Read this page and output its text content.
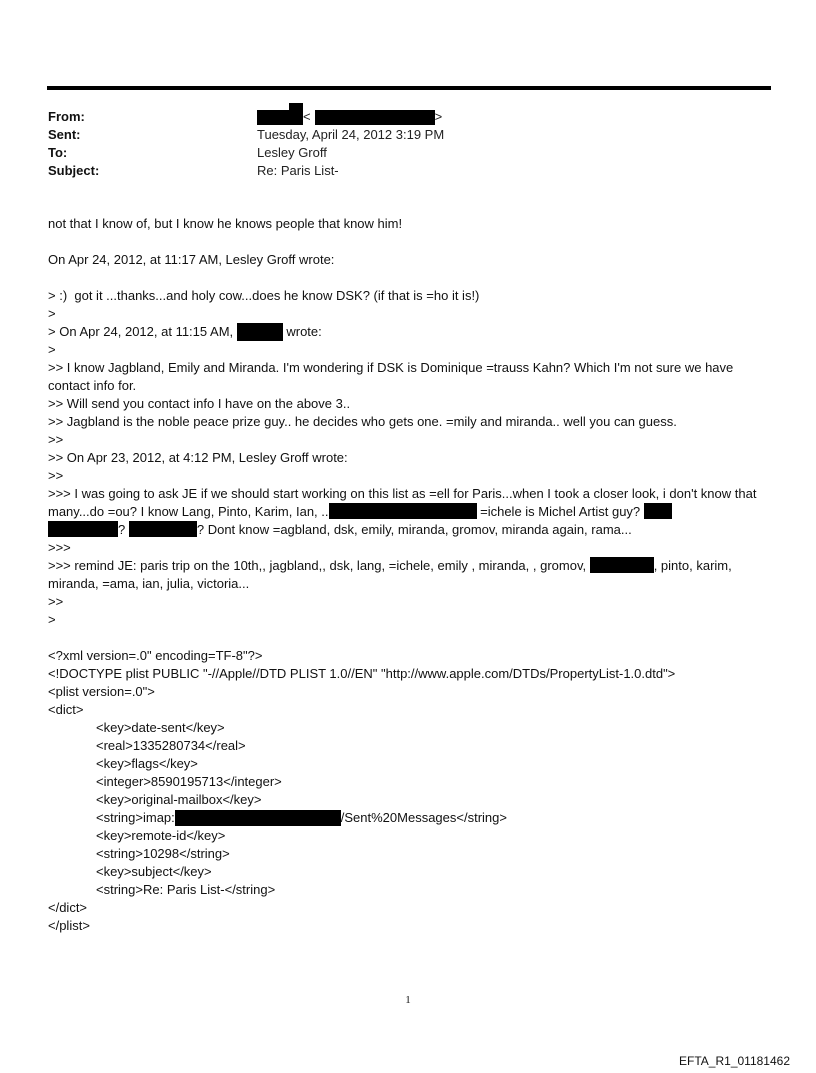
From:	<	>
Sent:	Tuesday, April 24, 2012 3:19 PM
To:	Lesley Groff
Subject:	Re: Paris List-
not that I know of, but I know he knows people that know him!
On Apr 24, 2012, at 11:17 AM, Lesley Groff wrote:
> :)  got it ...thanks...and holy cow...does he know DSK? (if that is =ho it is!)
>
> On Apr 24, 2012, at 11:15 AM,	wrote:
>
>> I know Jagbland, Emily and Miranda. I'm wondering if DSK is Dominique =trauss Kahn? Which I'm not sure we have contact info for.
>> Will send you contact info I have on the above 3..
>> Jagbland is the noble peace prize guy.. he decides who gets one. =mily and miranda.. well you can guess.
>>
>> On Apr 23, 2012, at 4:12 PM, Lesley Groff wrote:
>>
>>> I was going to ask JE if we should start working on this list as =ell for Paris...when I took a closer look, i don't know that many...do =ou? I know Lang, Pinto, Karim, Ian, ..	=ichele is Michel Artist guy?
?	? Dont know =agbland, dsk, emily, miranda, gromov, miranda again, rama...
>>>
>>> remind JE: paris trip on the 10th,, jagbland,, dsk, lang, =ichele, emily , miranda, , gromov,	, pinto, karim, miranda, =ama, ian, julia, victoria...
>>
>
<?xml version=.0" encoding=TF-8"?>
<!DOCTYPE plist PUBLIC "-//Apple//DTD PLIST 1.0//EN" "http://www.apple.com/DTDs/PropertyList-1.0.dtd">
<plist version=.0">
<dict>
<key>date-sent</key>
<real>1335280734</real>
<key>flags</key>
<integer>8590195713</integer>
<key>original-mailbox</key>
<string>imap:	/Sent%20Messages</string>
<key>remote-id</key>
<string>10298</string>
<key>subject</key>
<string>Re: Paris List-</string>
</dict>
</plist>
1
EFTA_R1_01181462
